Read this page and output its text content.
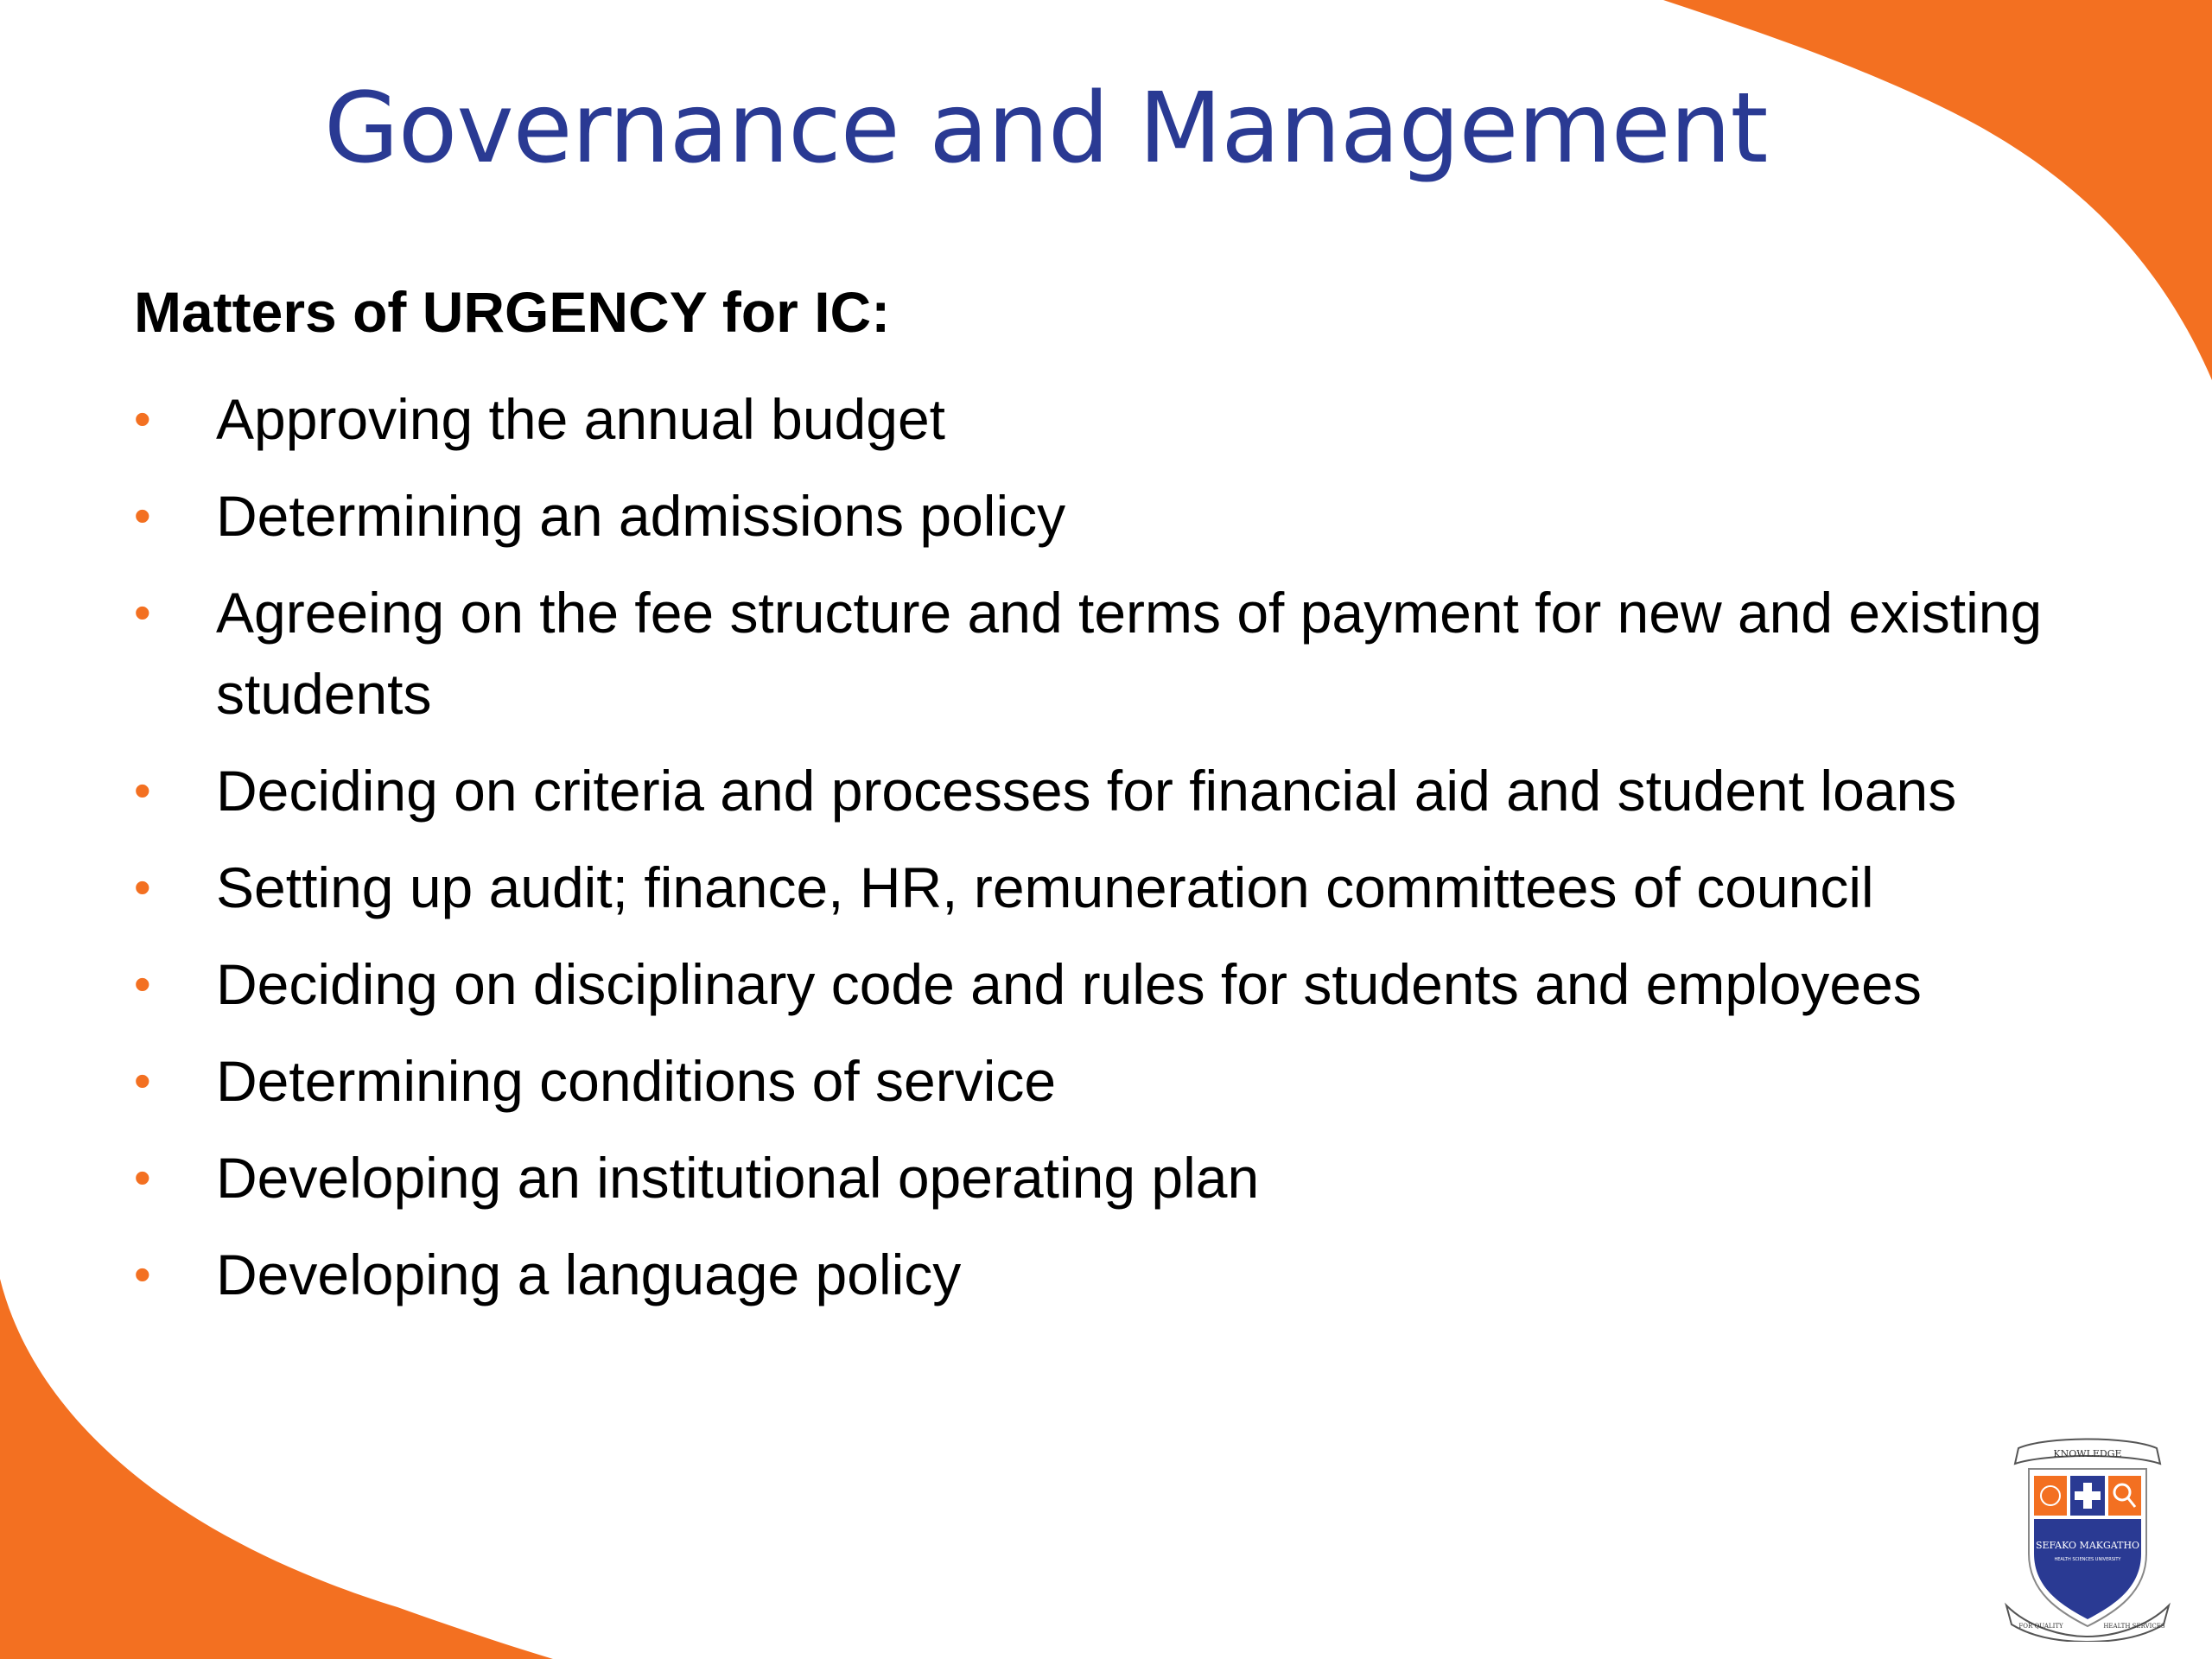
Governance and Management
Matters of URGENCY for IC:
• Approving the annual budget
• Determining an admissions policy
• Agreeing on the fee structure and terms of payment for new and existing students
• Deciding on criteria and processes for financial aid and student loans
• Setting up audit; finance, HR, remuneration committees of council
• Deciding on disciplinary code and rules for students and employees
• Determining conditions of service
• Developing an institutional operating plan
• Developing a language policy
KNOWLEDGE
SEFAKO MAKGATHO
HEALTH SCIENCES UNIVERSITY
FOR QUALITY	HEALTH SERVICES
